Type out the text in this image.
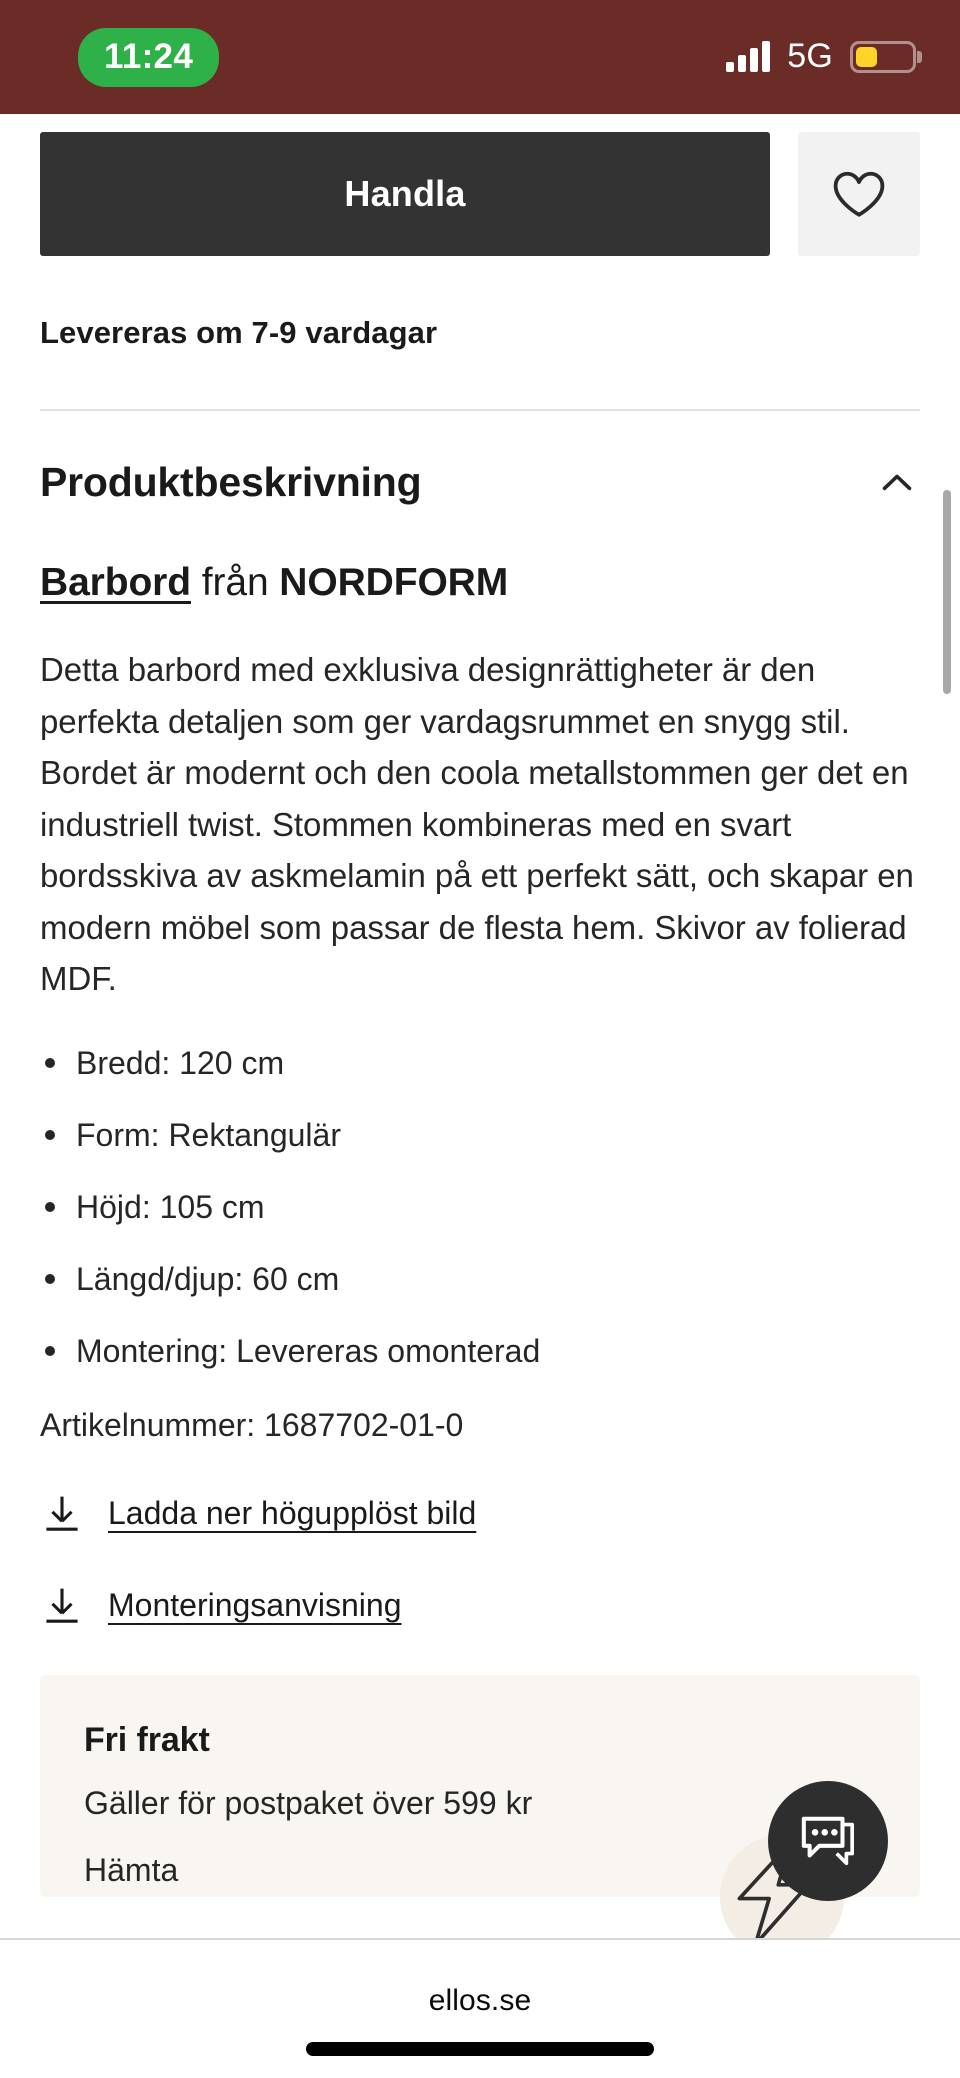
11:24	5G
Handla
Levereras om 7-9 vardagar
Produktbeskrivning
Barbord från NORDFORM
Detta barbord med exklusiva designrättigheter är den perfekta detaljen som ger vardagsrummet en snygg stil. Bordet är modernt och den coola metallstommen ger det en industriell twist. Stommen kombineras med en svart bordsskiva av askmelamin på ett perfekt sätt, och skapar en modern möbel som passar de flesta hem. Skivor av folierad MDF.
Bredd: 120 cm
Form: Rektangulär
Höjd: 105 cm
Längd/djup: 60 cm
Montering: Levereras omonterad
Artikelnummer: 1687702-01-0
Ladda ner högupplöst bild
Monteringsanvisning
Fri frakt
Gäller för postpaket över 599 kr
Hämta
ellos.se
